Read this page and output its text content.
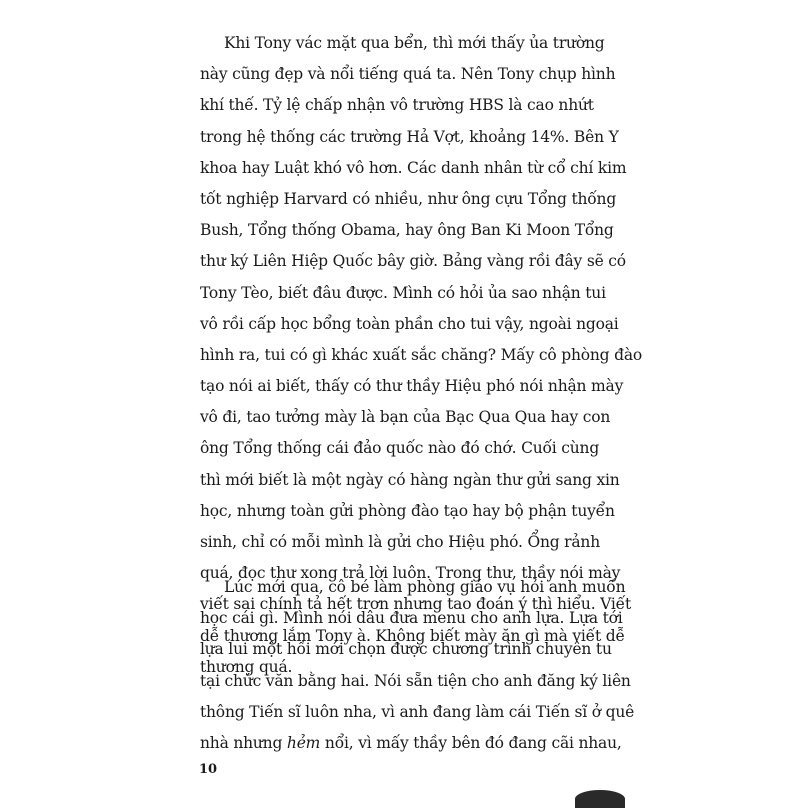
Khi Tony vác mặt qua bển, thì mới thấy ủa trường
này cũng đẹp và nổi tiếng quá ta. Nên Tony chụp hình
khí thế. Tỷ lệ chấp nhận vô trường HBS là cao nhứt
trong hệ thống các trường Hả Vợt, khoảng 14%. Bên Y
khoa hay Luật khó vô hơn. Các danh nhân từ cổ chí kim
tốt nghiệp Harvard có nhiều, như ông cựu Tổng thống
Bush, Tổng thống Obama, hay ông Ban Ki Moon Tổng
thư ký Liên Hiệp Quốc bây giờ. Bảng vàng rồi đây sẽ có
Tony Tèo, biết đâu được. Mình có hỏi ủa sao nhận tui
vô rồi cấp học bổng toàn phần cho tui vậy, ngoài ngoại
hình ra, tui có gì khác xuất sắc chăng? Mấy cô phòng đào
tạo nói ai biết, thấy có thư thầy Hiệu phó nói nhận mày
vô đi, tao tưởng mày là bạn của Bạc Qua Qua hay con
ông Tổng thống cái đảo quốc nào đó chớ. Cuối cùng
thì mới biết là một ngày có hàng ngàn thư gửi sang xin
học, nhưng toàn gửi phòng đào tạo hay bộ phận tuyển
sinh, chỉ có mỗi mình là gửi cho Hiệu phó. Ổng rảnh
quá, đọc thư xong trả lời luôn. Trong thư, thầy nói mày
viết sai chính tả hết trơn nhưng tao đoán ý thì hiểu. Viết
dễ thương lắm Tony à. Không biết mày ăn gì mà viết dễ
thương quá.
Lúc mới qua, cô bé làm phòng giáo vụ hỏi anh muốn
học cái gì. Mình nói dâu đưa menu cho anh lựa. Lựa tới
lựa lui một hồi mới chọn được chương trình chuyên tu
tại chức văn bằng hai. Nói sẵn tiện cho anh đăng ký liên
thông Tiến sĩ luôn nha, vì anh đang làm cái Tiến sĩ ở quê
nhà nhưng hẻm nổi, vì mấy thầy bên đó đang cãi nhau,
10
